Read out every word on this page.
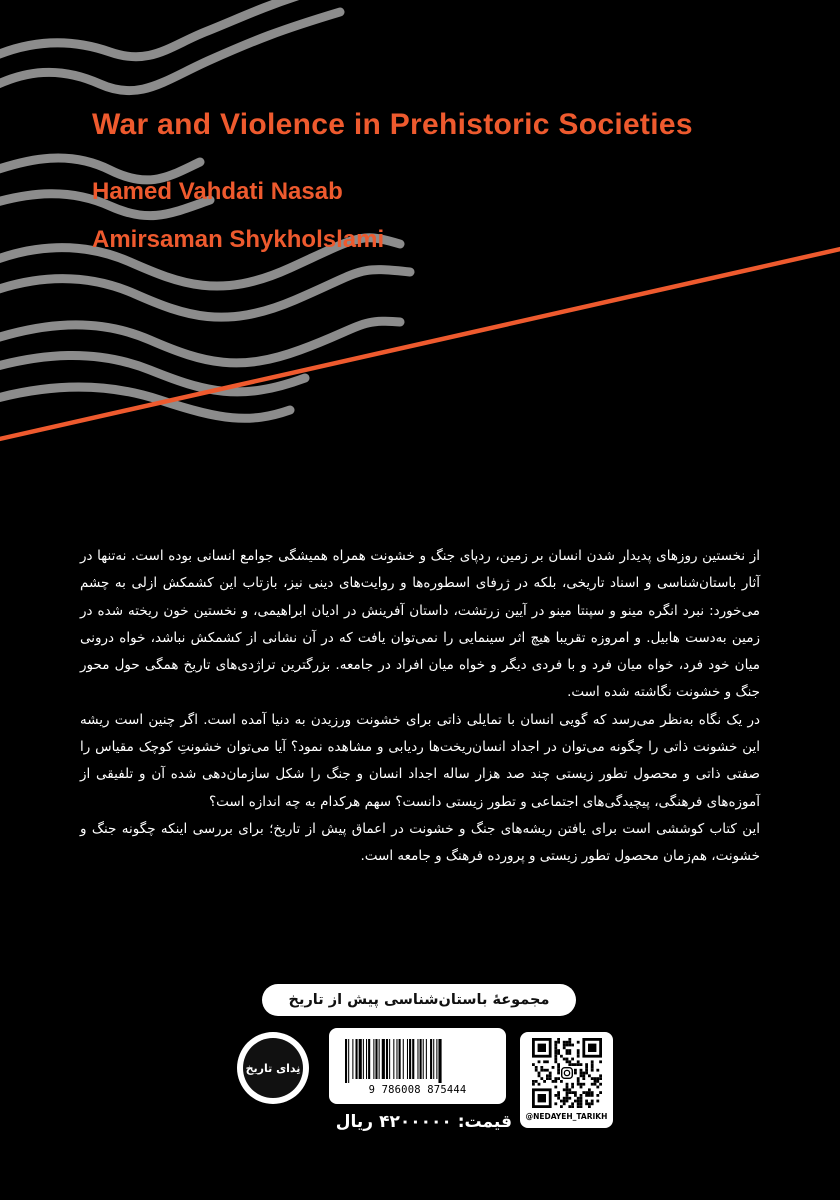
War and Violence in Prehistoric Societies
Hamed Vahdati Nasab
Amirsaman Shykholslami

از نخستین روزهای پدیدار شدن انسان بر زمین، ردپای جنگ و خشونت همراه همیشگی جوامع انسانی بوده است. نه‌تنها در آثار باستان‌شناسی و اسناد تاریخی، بلکه در ژرفای اسطوره‌ها و روایت‌های دینی نیز، بازتاب این کشمکش ازلی به چشم می‌خورد: نبرد انگره مینو و سپنتا مینو در آیین زرتشت، داستان آفرینش در ادیان ابراهیمی، و نخستین خون ریخته شده در زمین به‌دست هابیل. و امروزه تقریبا هیچ اثر سینمایی را نمی‌توان یافت که در آن نشانی از کشمکش نباشد، خواه درونی میان خود فرد، خواه میان فرد و با فردی دیگر و خواه میان افراد در جامعه. بزرگترین تراژدی‌های تاریخ همگی حول محور جنگ و خشونت نگاشته شده است.

در یک نگاه به‌نظر می‌رسد که گویی انسان با تمایلی ذاتی برای خشونت ورزیدن به دنیا آمده است. اگر چنین است ریشه این خشونت ذاتی را چگونه می‌توان در اجداد انسان‌ریخت‌ها ردیابی و مشاهده نمود؟ آیا می‌توان خشونتِ کوچک مقیاس را صفتی ذاتی و محصول تطور زیستی چند صد هزار ساله اجداد انسان و جنگ را شکل سازمان‌دهی شده آن و تلفیقی از آموزه‌های فرهنگی، پیچیدگی‌های اجتماعی و تطور زیستی دانست؟ سهم هرکدام به چه اندازه است؟

این کتاب کوششی است برای یافتن ریشه‌های جنگ و خشونت در اعماق پیش از تاریخ؛ برای بررسی اینکه چگونه جنگ و خشونت، هم‌زمان محصول تطور زیستی و پرورده فرهنگ و جامعه است.

مجموعهٔ باستان‌شناسی پیش از تاریخ
نِدای تاریخ
9 786008 875444
@NEDAYEH_TARIKH
قیمت:۴۲۰۰۰۰۰ریال
